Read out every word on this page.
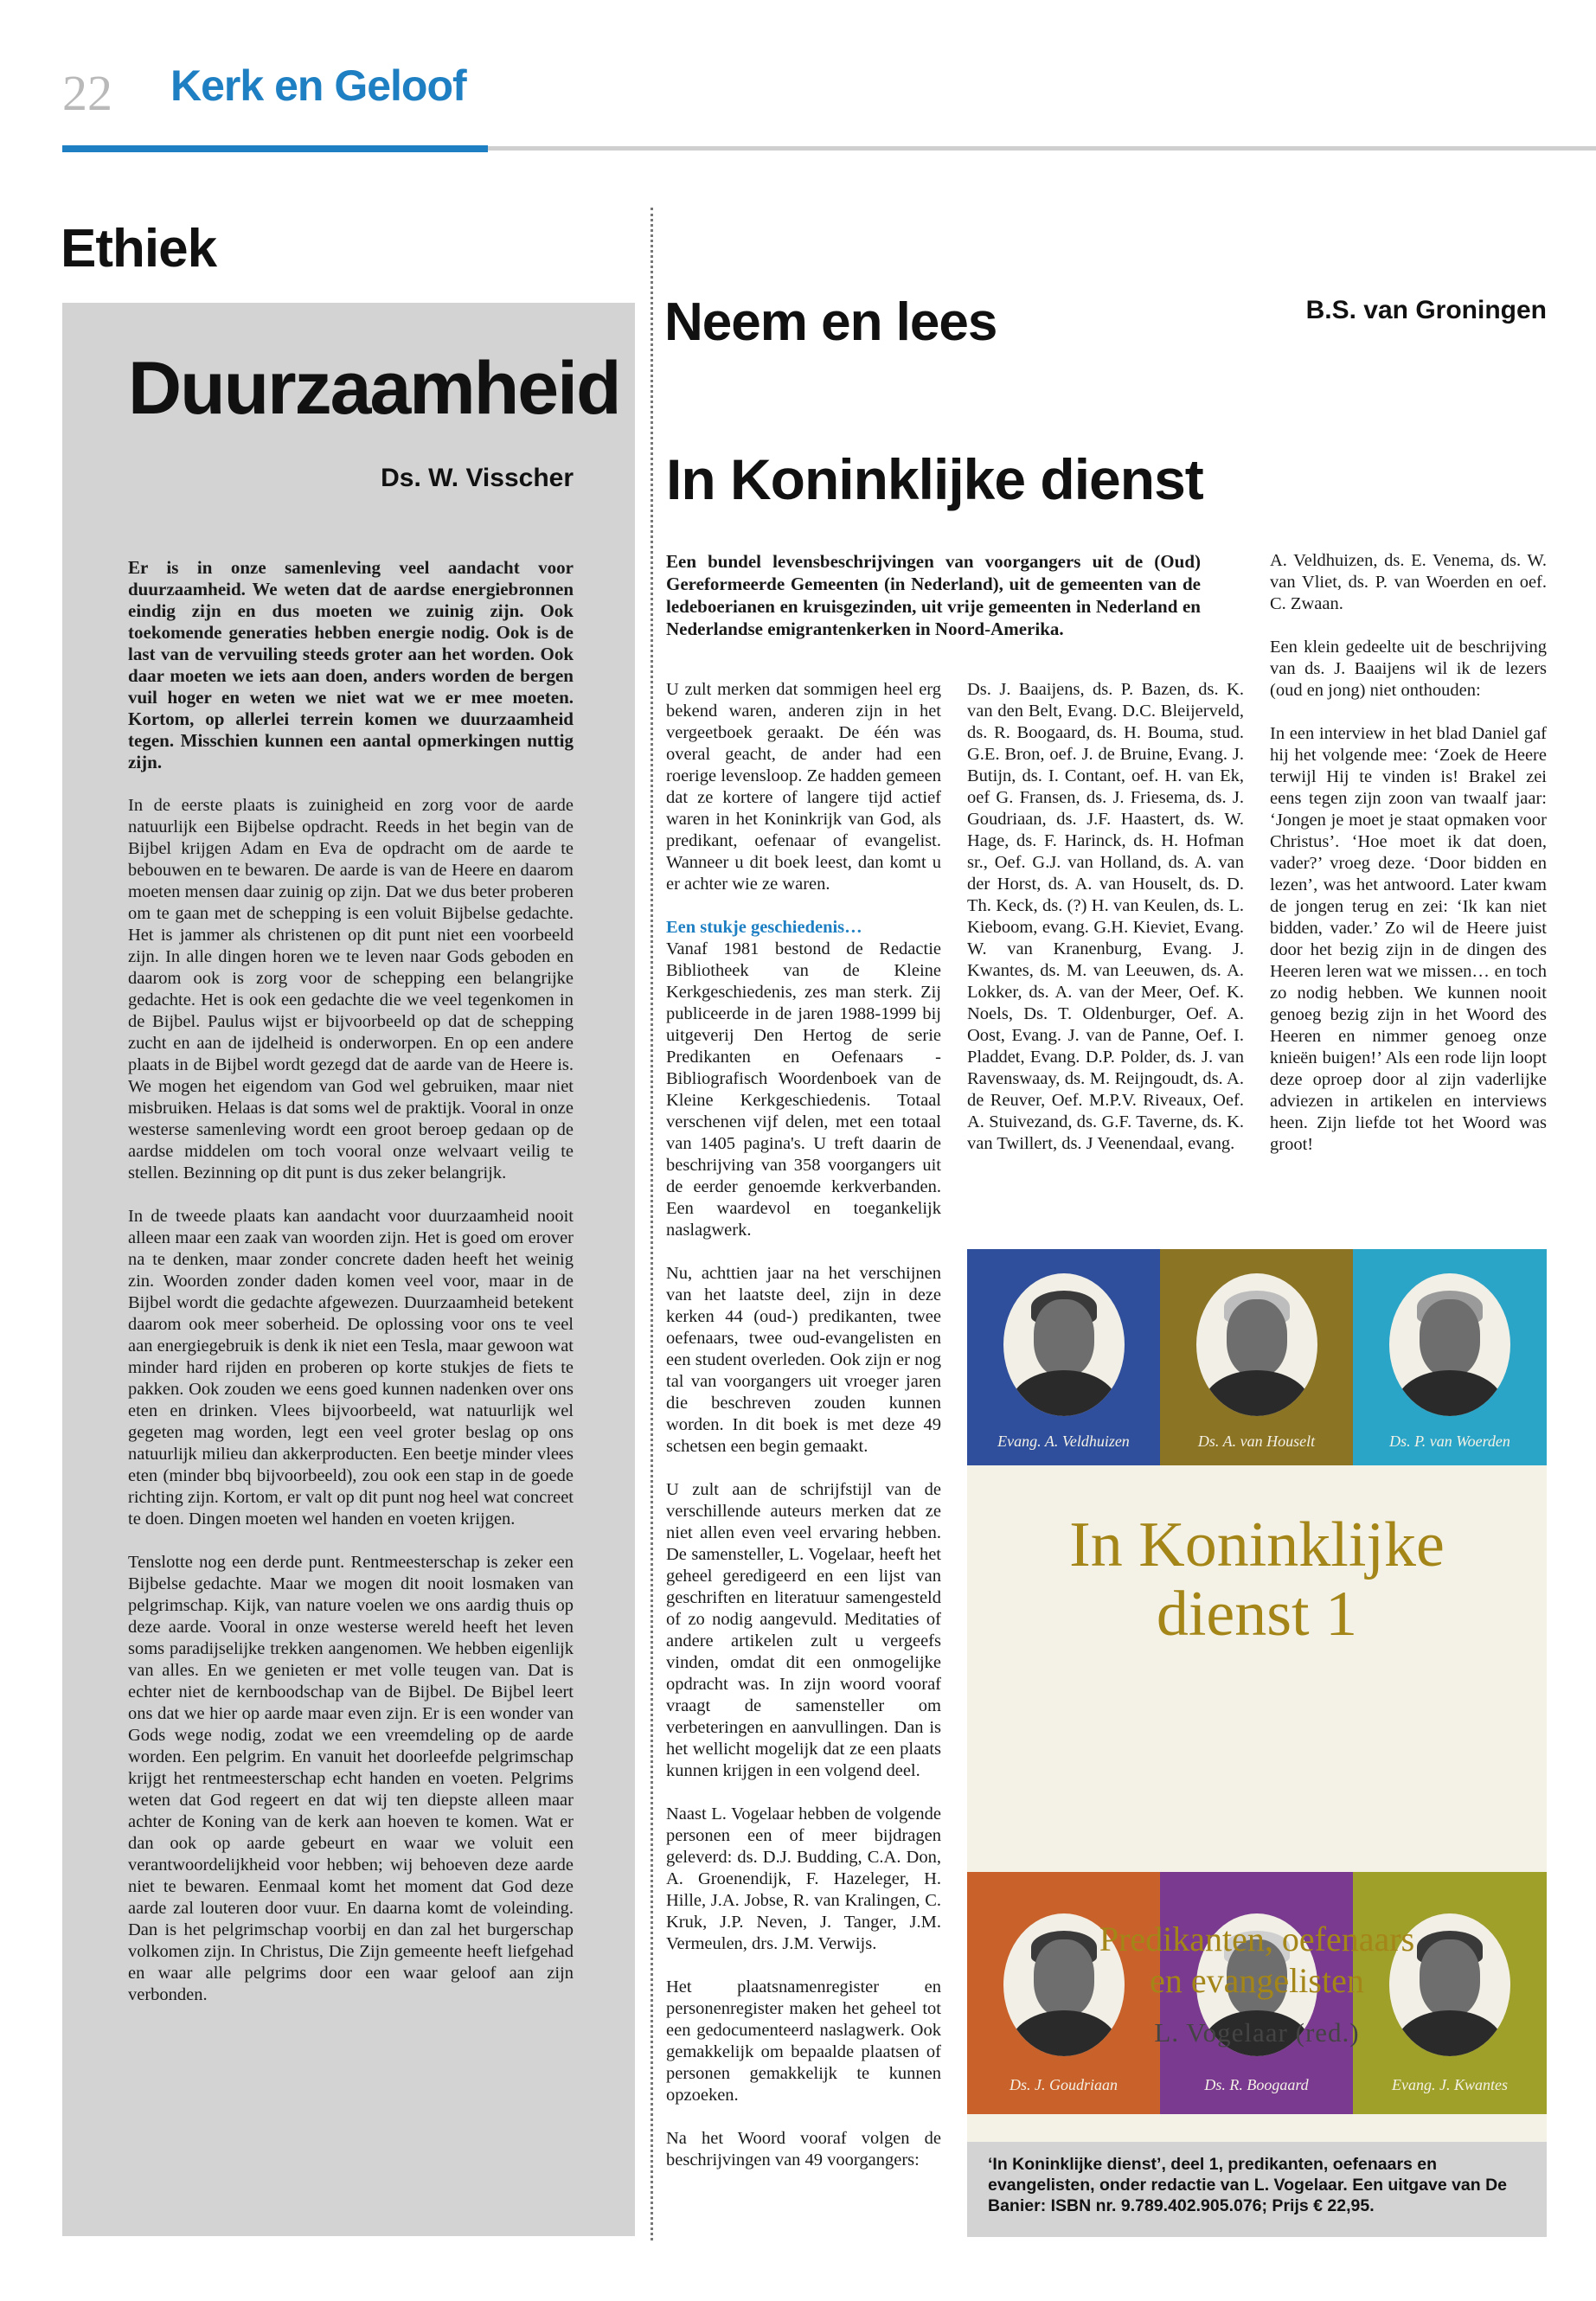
22 Kerk en Geloof
Ethiek
Duurzaamheid
Ds. W. Visscher

Er is in onze samenleving veel aandacht voor duurzaamheid. We weten dat de aardse energiebronnen eindig zijn en dus moeten we zuinig zijn. Ook toekomende generaties hebben energie nodig. Ook is de last van de vervuiling steeds groter aan het worden. Ook daar moeten we iets aan doen, anders worden de bergen vuil hoger en weten we niet wat we er mee moeten. Kortom, op allerlei terrein komen we duurzaamheid tegen. Misschien kunnen een aantal opmerkingen nuttig zijn.

In de eerste plaats is zuinigheid en zorg voor de aarde natuurlijk een Bijbelse opdracht. Reeds in het begin van de Bijbel krijgen Adam en Eva de opdracht om de aarde te bebouwen en te bewaren. De aarde is van de Heere en daarom moeten mensen daar zuinig op zijn. Dat we dus beter proberen om te gaan met de schepping is een voluit Bijbelse gedachte. Het is jammer als christenen op dit punt niet een voorbeeld zijn. In alle dingen horen we te leven naar Gods geboden en daarom ook is zorg voor de schepping een belangrijke gedachte. Het is ook een gedachte die we veel tegenkomen in de Bijbel. Paulus wijst er bijvoorbeeld op dat de schepping zucht en aan de ijdelheid is onderworpen. En op een andere plaats in de Bijbel wordt gezegd dat de aarde van de Heere is. We mogen het eigendom van God wel gebruiken, maar niet misbruiken. Helaas is dat soms wel de praktijk. Vooral in onze westerse samenleving wordt een groot beroep gedaan op de aardse middelen om toch vooral onze welvaart veilig te stellen. Bezinning op dit punt is dus zeker belangrijk.

In de tweede plaats kan aandacht voor duurzaamheid nooit alleen maar een zaak van woorden zijn. Het is goed om erover na te denken, maar zonder concrete daden heeft het weinig zin. Woorden zonder daden komen veel voor, maar in de Bijbel wordt die gedachte afgewezen. Duurzaamheid betekent daarom ook meer soberheid. De oplossing voor ons te veel aan energiegebruik is denk ik niet een Tesla, maar gewoon wat minder hard rijden en proberen op korte stukjes de fiets te pakken. Ook zouden we eens goed kunnen nadenken over ons eten en drinken. Vlees bijvoorbeeld, wat natuurlijk wel gegeten mag worden, legt een veel groter beslag op ons natuurlijk milieu dan akkerproducten. Een beetje minder vlees eten (minder bbq bijvoorbeeld), zou ook een stap in de goede richting zijn. Kortom, er valt op dit punt nog heel wat concreet te doen. Dingen moeten wel handen en voeten krijgen.

Tenslotte nog een derde punt. Rentmeesterschap is zeker een Bijbelse gedachte. Maar we mogen dit nooit losmaken van pelgrimschap. Kijk, van nature voelen we ons aardig thuis op deze aarde. Vooral in onze westerse wereld heeft het leven soms paradijselijke trekken aangenomen. We hebben eigenlijk van alles. En we genieten er met volle teugen van. Dat is echter niet de kernboodschap van de Bijbel. De Bijbel leert ons dat we hier op aarde maar even zijn. Er is een wonder van Gods wege nodig, zodat we een vreemdeling op de aarde worden. Een pelgrim. En vanuit het doorleefde pelgrimschap krijgt het rentmeesterschap echt handen en voeten. Pelgrims weten dat God regeert en dat wij ten diepste alleen maar achter de Koning van de kerk aan hoeven te komen. Wat er dan ook op aarde gebeurt en waar we voluit een verantwoordelijkheid voor hebben; wij behoeven deze aarde niet te bewaren. Eenmaal komt het moment dat God deze aarde zal louteren door vuur. En daarna komt de voleinding. Dan is het pelgrimschap voorbij en dan zal het burgerschap volkomen zijn. In Christus, Die Zijn gemeente heeft liefgehad en waar alle pelgrims door een waar geloof aan zijn verbonden.

Neem en lees	B.S. van Groningen
In Koninklijke dienst
Een bundel levensbeschrijvingen van voorgangers uit de (Oud) Gereformeerde Gemeenten (in Nederland), uit de gemeenten van de ledeboerianen en kruisgezinden, uit vrije gemeenten in Nederland en Nederlandse emigrantenkerken in Noord-Amerika.

U zult merken dat sommigen heel erg bekend waren, anderen zijn in het vergeetboek geraakt. De één was overal geacht, de ander had een roerige levensloop. Ze hadden gemeen dat ze kortere of langere tijd actief waren in het Koninkrijk van God, als predikant, oefenaar of evangelist. Wanneer u dit boek leest, dan komt u er achter wie ze waren.

Een stukje geschiedenis…
Vanaf 1981 bestond de Redactie Bibliotheek van de Kleine Kerkgeschiedenis, zes man sterk. Zij publiceerde in de jaren 1988-1999 bij uitgeverij Den Hertog de serie Predikanten en Oefenaars - Bibliografisch Woordenboek van de Kleine Kerkgeschiedenis. Totaal verschenen vijf delen, met een totaal van 1405 pagina's. U treft daarin de beschrijving van 358 voorgangers uit de eerder genoemde kerkverbanden. Een waardevol en toegankelijk naslagwerk.

Nu, achttien jaar na het verschijnen van het laatste deel, zijn in deze kerken 44 (oud-) predikanten, twee oefenaars, twee oud-evangelisten en een student overleden. Ook zijn er nog tal van voorgangers uit vroeger jaren die beschreven zouden kunnen worden. In dit boek is met deze 49 schetsen een begin gemaakt.

U zult aan de schrijfstijl van de verschillende auteurs merken dat ze niet allen even veel ervaring hebben. De samensteller, L. Vogelaar, heeft het geheel geredigeerd en een lijst van geschriften en literatuur samengesteld of zo nodig aangevuld. Meditaties of andere artikelen zult u vergeefs vinden, omdat dit een onmogelijke opdracht was. In zijn woord vooraf vraagt de samensteller om verbeteringen en aanvullingen. Dan is het wellicht mogelijk dat ze een plaats kunnen krijgen in een volgend deel.

Naast L. Vogelaar hebben de volgende personen een of meer bijdragen geleverd: ds. D.J. Budding, C.A. Don, A. Groenendijk, F. Hazeleger, H. Hille, J.A. Jobse, R. van Kralingen, C. Kruk, J.P. Neven, J. Tanger, J.M. Vermeulen, drs. J.M. Verwijs.

Het plaatsnamenregister en personenregister maken het geheel tot een gedocumenteerd naslagwerk. Ook gemakkelijk om bepaalde plaatsen of personen gemakkelijk te kunnen opzoeken.

Na het Woord vooraf volgen de beschrijvingen van 49 voorgangers:

Ds. J. Baaijens, ds. P. Bazen, ds. K. van den Belt, Evang. D.C. Bleijerveld, ds. R. Boogaard, ds. H. Bouma, stud. G.E. Bron, oef. J. de Bruine, Evang. J. Butijn, ds. I. Contant, oef. H. van Ek, oef G. Fransen, ds. J. Friesema, ds. J. Goudriaan, ds. J.F. Haastert, ds. W. Hage, ds. F. Harinck, ds. H. Hofman sr., Oef. G.J. van Holland, ds. A. van der Horst, ds. A. van Houselt, ds. D. Th. Keck, ds. (?) H. van Keulen, ds. L. Kieboom, evang. G.H. Kieviet, Evang. W. van Kranenburg, Evang. J. Kwantes, ds. M. van Leeuwen, ds. A. Lokker, ds. A. van der Meer, Oef. K. Noels, Ds. T. Oldenburger, Oef. A. Oost, Evang. J. van de Panne, Oef. I. Pladdet, Evang. D.P. Polder, ds. J. van Ravenswaay, ds. M. Reijngoudt, ds. A. de Reuver, Oef. M.P.V. Riveaux, Oef. A. Stuivezand, ds. G.F. Taverne, ds. K. van Twillert, ds. J Veenendaal, evang.

A. Veldhuizen, ds. E. Venema, ds. W. van Vliet, ds. P. van Woerden en oef. C. Zwaan.

Een klein gedeelte uit de beschrijving van ds. J. Baaijens wil ik de lezers (oud en jong) niet onthouden:

In een interview in het blad Daniel gaf hij het volgende mee: ‘Zoek de Heere terwijl Hij te vinden is! Brakel zei eens tegen zijn zoon van twaalf jaar: ‘Jongen je moet je staat opmaken voor Christus’. ‘Hoe moet ik dat doen, vader?’ vroeg deze. ‘Door bidden en lezen’, was het antwoord. Later kwam de jongen terug en zei: ‘Ik kan niet bidden, vader.’ Zo wil de Heere juist door het bezig zijn in de dingen des Heeren leren wat we missen… en toch zo nodig hebben. We kunnen nooit genoeg bezig zijn in het Woord des Heeren en nimmer genoeg onze knieën buigen!’ Als een rode lijn loopt deze oproep door al zijn vaderlijke adviezen in artikelen en interviews heen. Zijn liefde tot het Woord was groot!

Evang. A. Veldhuizen	Ds. A. van Houselt	Ds. P. van Woerden
In Koninklijke
dienst 1
Ds. J. Goudriaan	Ds. R. Boogaard	Evang. J. Kwantes
Predikanten, oefenaars
en evangelisten
L. Vogelaar (red.)
‘In Koninklijke dienst’, deel 1, predikanten, oefenaars en evangelisten, onder redactie van L. Vogelaar. Een uitgave van De Banier: ISBN nr. 9.789.402.905.076; Prijs € 22,95.
